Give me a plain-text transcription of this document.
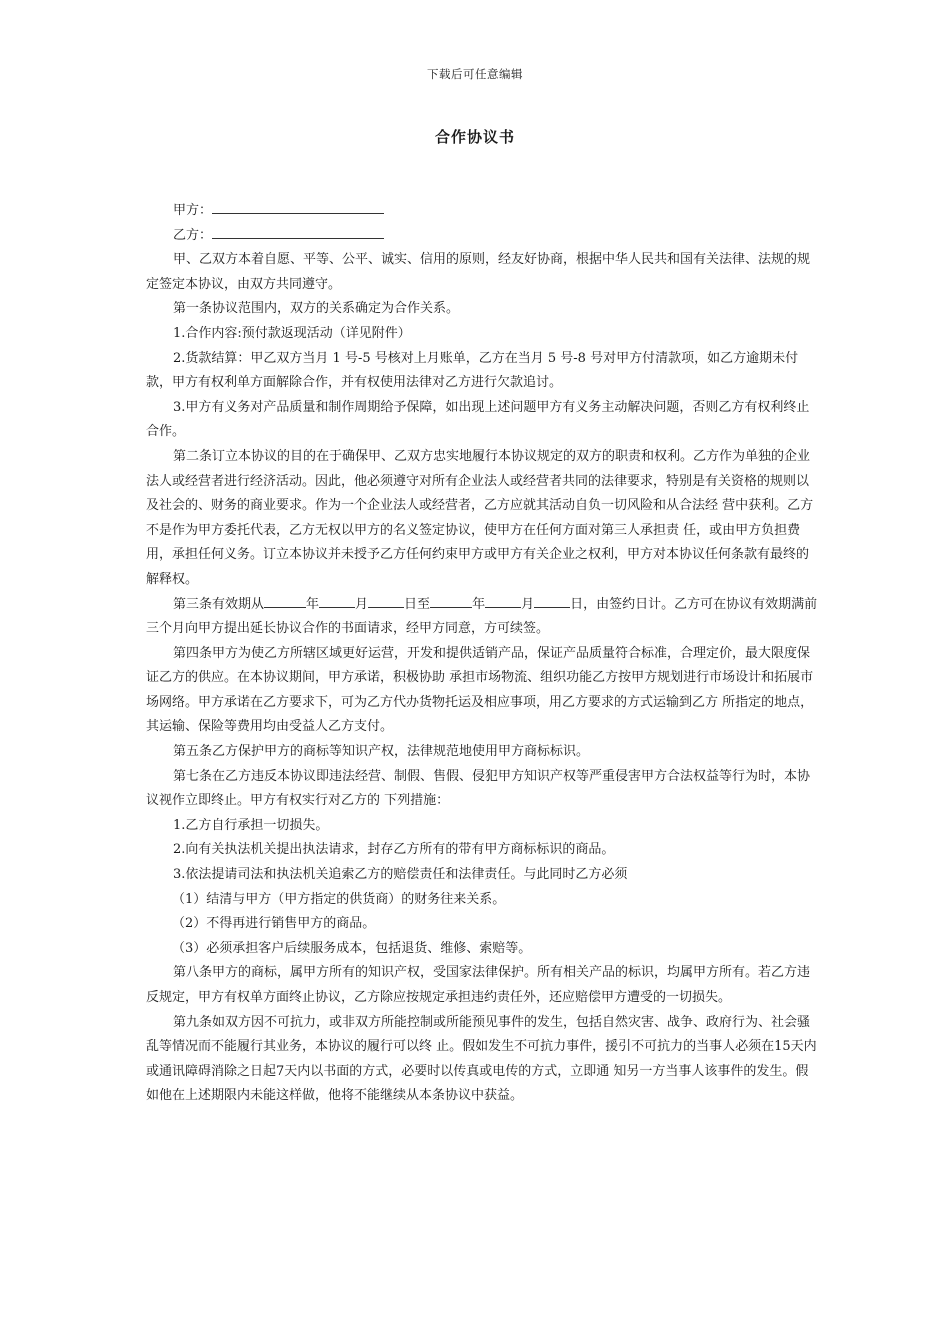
下载后可任意编辑
合作协议书

甲方：

乙方：

甲、乙双方本着自愿、平等、公平、诚实、信用的原则，经友好协商，根据中华人民共和国有关法律、法规的规定签定本协议，由双方共同遵守。

第一条协议范围内，双方的关系确定为合作关系。

1.合作内容:预付款返现活动（详见附件）

2.货款结算：甲乙双方当月 1 号-5 号核对上月账单，乙方在当月 5 号-8 号对甲方付清款项，如乙方逾期未付款，甲方有权利单方面解除合作，并有权使用法律对乙方进行欠款追讨。

3.甲方有义务对产品质量和制作周期给予保障，如出现上述问题甲方有义务主动解决问题，否则乙方有权利终止合作。

第二条订立本协议的目的在于确保甲、乙双方忠实地履行本协议规定的双方的职责和权利。乙方作为单独的企业法人或经营者进行经济活动。因此，他必须遵守对所有企业法人或经营者共同的法律要求，特别是有关资格的规则以及社会的、财务的商业要求。作为一个企业法人或经营者，乙方应就其活动自负一切风险和从合法经 营中获利。乙方不是作为甲方委托代表，乙方无权以甲方的名义签定协议，使甲方在任何方面对第三人承担责 任，或由甲方负担费用，承担任何义务。订立本协议并未授予乙方任何约束甲方或甲方有关企业之权利，甲方对本协议任何条款有最终的解释权。

第三条有效期从	年	月	日至	年	月	日，由签约日计。乙方可在协议有效期满前三个月向甲方提出延长协议合作的书面请求，经甲方同意，方可续签。

第四条甲方为使乙方所辖区域更好运营，开发和提供适销产品，保证产品质量符合标准，合理定价，最大限度保证乙方的供应。在本协议期间，甲方承诺，积极协助 承担市场物流、组织功能乙方按甲方规划进行市场设计和拓展市场网络。甲方承诺在乙方要求下，可为乙方代办货物托运及相应事项，用乙方要求的方式运输到乙方 所指定的地点，其运输、保险等费用均由受益人乙方支付。

第五条乙方保护甲方的商标等知识产权，法律规范地使用甲方商标标识。

第七条在乙方违反本协议即违法经营、制假、售假、侵犯甲方知识产权等严重侵害甲方合法权益等行为时，本协议视作立即终止。甲方有权实行对乙方的 下列措施：

1.乙方自行承担一切损失。

2.向有关执法机关提出执法请求，封存乙方所有的带有甲方商标标识的商品。

3.依法提请司法和执法机关追索乙方的赔偿责任和法律责任。与此同时乙方必须

（1）结清与甲方（甲方指定的供货商）的财务往来关系。

（2）不得再进行销售甲方的商品。

（3）必须承担客户后续服务成本，包括退货、维修、索赔等。

第八条甲方的商标，属甲方所有的知识产权，受国家法律保护。所有相关产品的标识，均属甲方所有。若乙方违反规定，甲方有权单方面终止协议，乙方除应按规定承担违约责任外，还应赔偿甲方遭受的一切损失。

第九条如双方因不可抗力，或非双方所能控制或所能预见事件的发生，包括自然灾害、战争、政府行为、社会骚乱等情况而不能履行其业务，本协议的履行可以终 止。假如发生不可抗力事件，援引不可抗力的当事人必须在15天内或通讯障碍消除之日起7天内以书面的方式，必要时以传真或电传的方式，立即通 知另一方当事人该事件的发生。假如他在上述期限内未能这样做，他将不能继续从本条协议中获益。
